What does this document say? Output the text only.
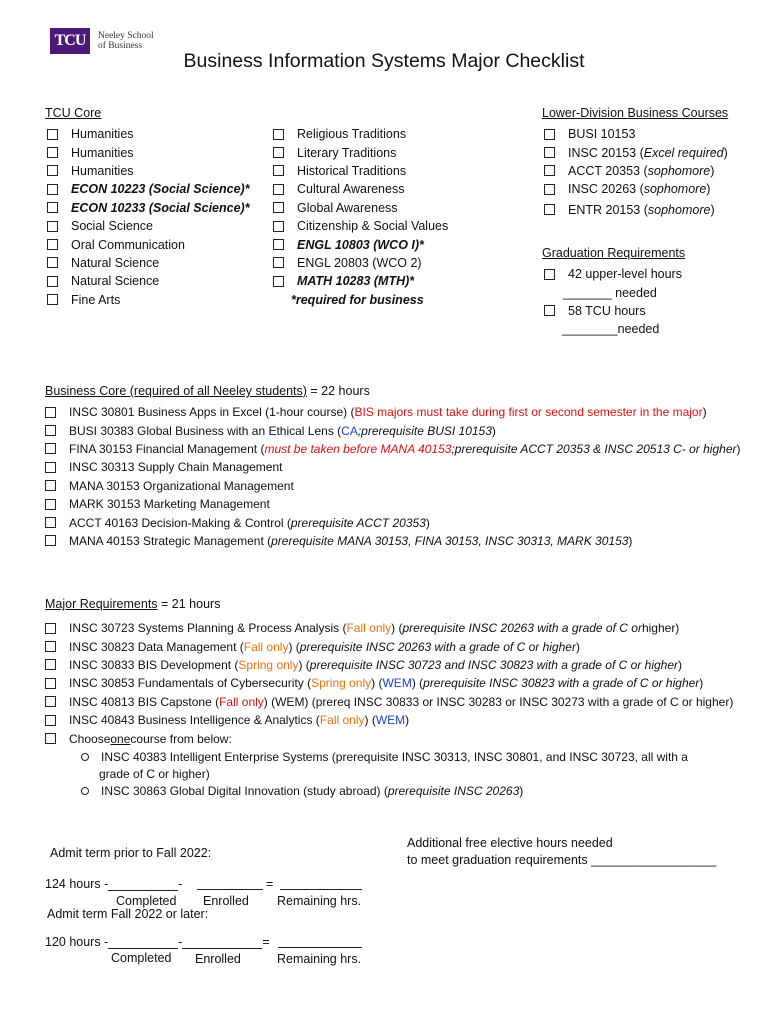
TCU Neeley School
of Business
Business Information Systems Major Checklist
TCU Core
Humanities
Humanities
Humanities
ECON 10223 (Social Science)*
ECON 10233 (Social Science)*
Social Science
Oral Communication
Natural Science
Natural Science
Fine Arts
Religious Traditions
Literary Traditions
Historical Traditions
Cultural Awareness
Global Awareness
Citizenship & Social Values
ENGL 10803 (WCO I)*
ENGL 20803 (WCO 2)
MATH 10283 (MTH)*
*required for business
Lower-Division Business Courses
BUSI 10153
INSC 20153 ( Excel required )
ACCT 20353 ( sophomore )
INSC 20263 ( sophomore )
ENTR 20153 ( sophomore )
Graduation Requirements
42 upper-level hours
_______ needed
58 TCU hours
________needed
Business Core (required of all Neeley students) = 22 hours
INSC 30801 Business Apps in Excel (1-hour course) ( BIS majors must take during first or second semester in the major )
BUSI 30383 Global Business with an Ethical Lens ( CA ;prerequisite BUSI 10153 )
FINA 30153 Financial Management ( must be taken before MANA 40153 ;prerequisite ACCT 20353 & INSC 20513 C- or higher )
INSC 30313 Supply Chain Management
MANA 30153 Organizational Management
MARK 30153 Marketing Management
ACCT 40163 Decision-Making & Control ( prerequisite ACCT 20353 )
MANA 40153 Strategic Management ( prerequisite MANA 30153, FINA 30153, INSC 30313, MARK 30153 )
Major Requirements = 21 hours
INSC 30723 Systems Planning & Process Analysis ( Fall only ) ( prerequisite INSC 20263 with a grade of C or higher)
INSC 30823 Data Management ( Fall only ) ( prerequisite INSC 20263 with a grade of C or higher )
INSC 30833 BIS Development ( Spring only ) ( prerequisite INSC 30723 and INSC 30823 with a grade of C or higher )
INSC 30853 Fundamentals of Cybersecurity ( Spring only ) ( WEM ) ( prerequisite INSC 30823 with a grade of C or higher )
INSC 40813 BIS Capstone ( Fall only ) (WEM) (prereq INSC 30833 or INSC 30283 or INSC 30273 with a grade of C or higher)
INSC 40843 Business Intelligence & Analytics ( Fall only ) ( WEM )
Choose one course from below:
INSC 40383 Intelligent Enterprise Systems (prerequisite INSC 30313, INSC 30801, and INSC 30723, all with a
grade of C or higher)
INSC 30863 Global Digital Innovation (study abroad) ( prerequisite INSC 20263 )
Admit term prior to Fall 2022:
Additional free elective hours needed
to meet graduation requirements __________________
124 hours -	-	=
Completed Enrolled Remaining hrs.
Admit term Fall 2022 or later:
120 hours -	-	=
Completed Enrolled	Remaining hrs.
